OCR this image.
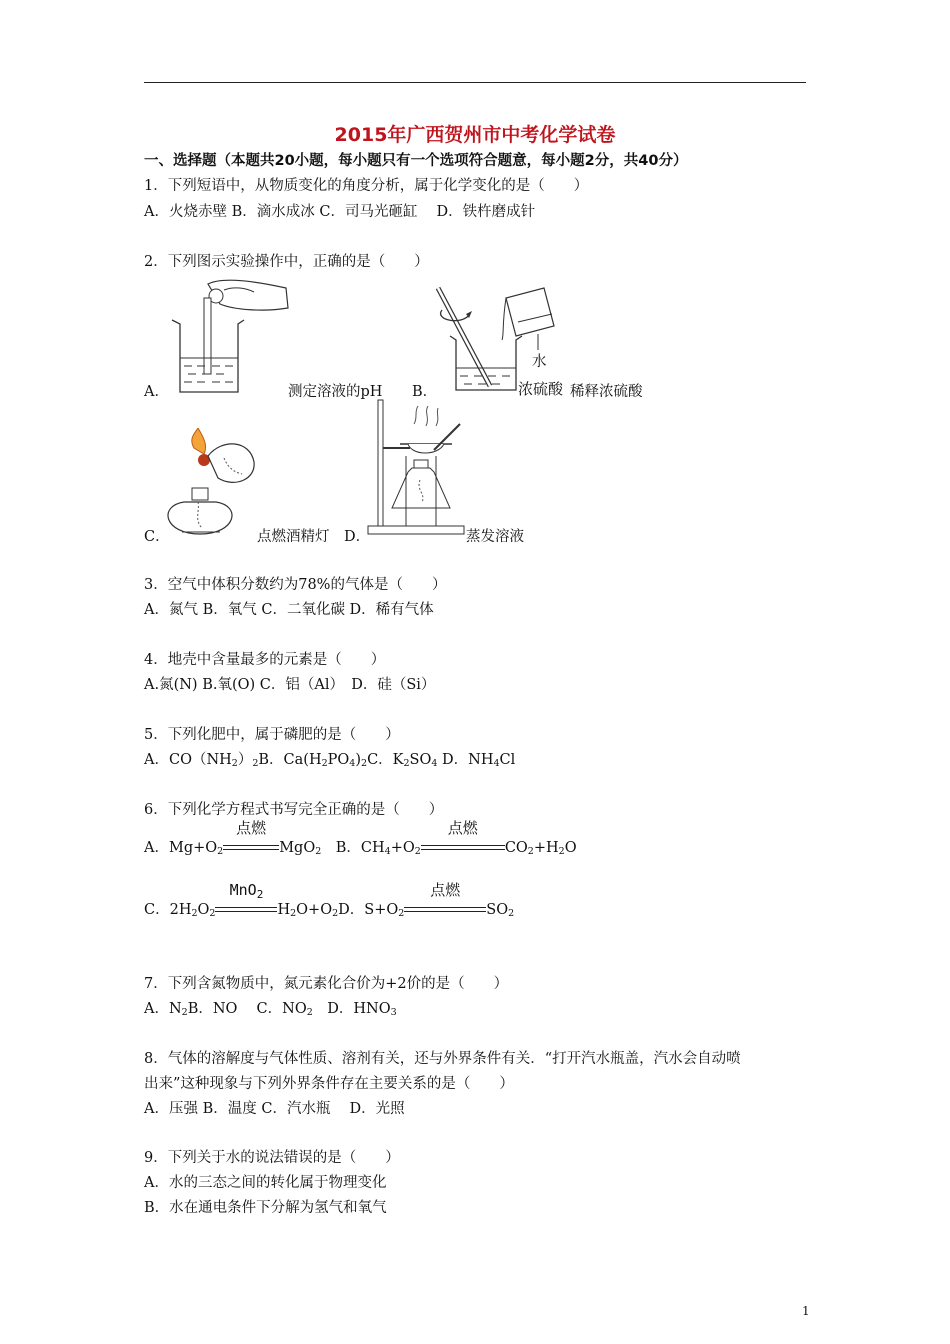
2015年广西贺州市中考化学试卷
一、选择题（本题共20小题，每小题只有一个选项符合题意，每小题2分，共40分）
1．下列短语中，从物质变化的角度分析，属于化学变化的是（　　）
A．火烧赤壁 B．滴水成冰 C．司马光砸缸　 D．铁杵磨成针
2．下列图示实验操作中，正确的是（　　）
A．	测定溶液的pH
水
B．	浓硫酸 稀释浓硫酸
C．	点燃酒精灯 D．	蒸发溶液
3．空气中体积分数约为78%的气体是（　　）
A．氮气 B．氧气 C．二氧化碳 D．稀有气体
4．地壳中含量最多的元素是（　　）
A.氮(N) B.氧(O) C．铝（Al）　D．硅（Si）
5．下列化肥中，属于磷肥的是（　　）
A．$CO(NH_2)_2B$．$Ca(H_2PO_4)_2C$．$K_2SO_4$ D．$NH_4Cl$
6．下列化学方程式书写完全正确的是（　　）
A．$Mg+O_2$
点燃
MgO$_2$　B．$CH_4+O_2$
点燃
$CO_2+H_2O$
C．$2H_2O_2$
MnO$_2$
$H_2O+O_2D$．$S+O_2$
点燃
$SO_2$
7．下列含氮物质中，氮元素化合价为+2价的是（　　）
A．$N_2B$．NO　 C．$NO_2$　D．$HNO_3$
8．气体的溶解度与气体性质、溶剂有关，还与外界条件有关．“打开汽水瓶盖，汽水会自动喷
出来”这种现象与下列外界条件存在主要关系的是（　　）
A．压强 B．温度 C．汽水瓶　 D．光照
9．下列关于水的说法错误的是（　　）
A．水的三态之间的转化属于物理变化
B．水在通电条件下分解为氢气和氧气
1
